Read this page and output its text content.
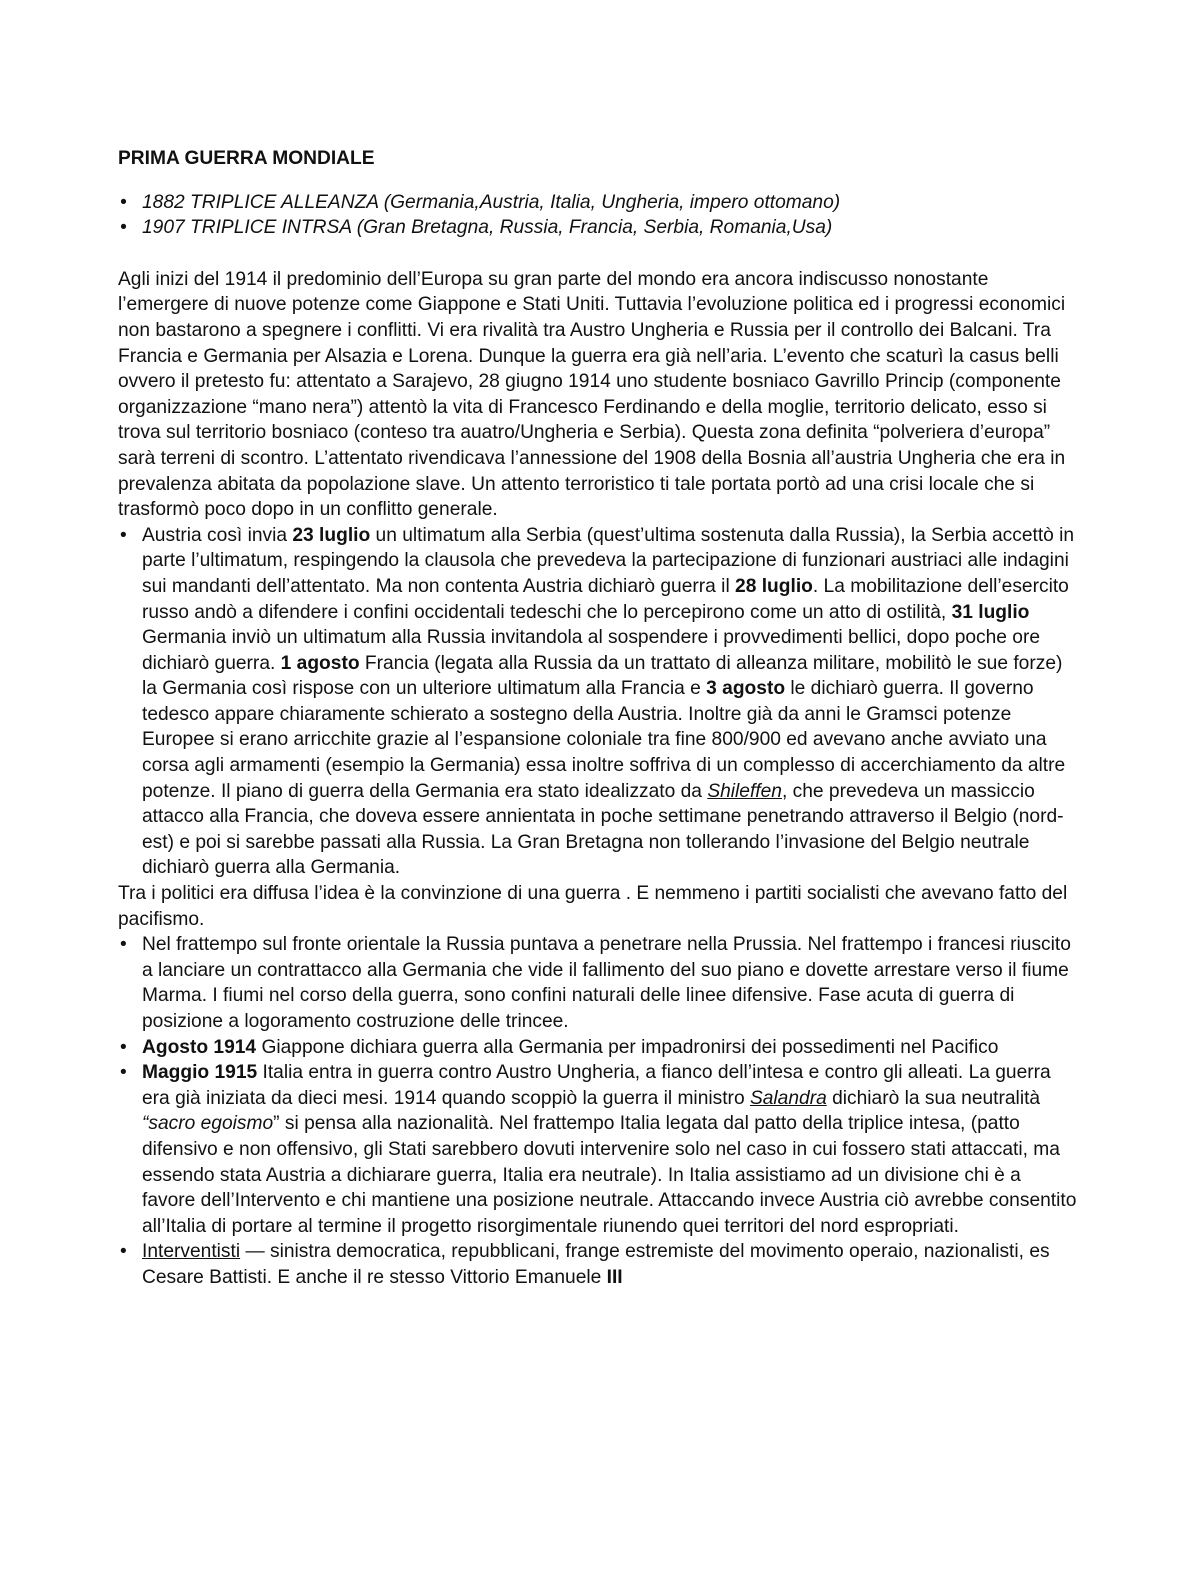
PRIMA GUERRA MONDIALE
• 1882 TRIPLICE ALLEANZA (Germania,Austria, Italia, Ungheria, impero ottomano)
• 1907 TRIPLICE INTRSA (Gran Bretagna, Russia, Francia, Serbia, Romania,Usa)

Agli inizi del 1914 il predominio dell’Europa su gran parte del mondo era ancora indiscusso nonostante l’emergere di nuove potenze come Giappone e Stati Uniti. Tuttavia l’evoluzione politica ed i progressi economici non bastarono a spegnere i conflitti. Vi era rivalità tra Austro Ungheria e Russia per il controllo dei Balcani. Tra Francia e Germania per Alsazia e Lorena. Dunque la guerra era già nell’aria. L’evento che scaturì la casus belli ovvero il pretesto fu: attentato a Sarajevo, 28 giugno 1914 uno studente bosniaco Gavrillo Princip (componente organizzazione “mano nera”) attentò la vita di Francesco Ferdinando e della moglie, territorio delicato, esso si trova sul territorio bosniaco (conteso tra auatro/Ungheria e Serbia). Questa zona definita “polveriera d’europa” sarà terreni di scontro. L’attentato rivendicava l’annessione del 1908 della Bosnia all’austria Ungheria che era in prevalenza abitata da popolazione slave. Un attento terroristico ti tale portata portò ad una crisi locale che si trasformò poco dopo in un conflitto generale.

• Austria così invia 23 luglio un ultimatum alla Serbia (quest’ultima sostenuta dalla Russia), la Serbia accettò in parte l’ultimatum, respingendo la clausola che prevedeva la partecipazione di funzionari austriaci alle indagini sui mandanti dell’attentato. Ma non contenta Austria dichiarò guerra il 28 luglio. La mobilitazione dell’esercito russo andò a difendere i confini occidentali tedeschi che lo percepirono come un atto di ostilità, 31 luglio Germania inviò un ultimatum alla Russia invitandola al sospendere i provvedimenti bellici, dopo poche ore dichiarò guerra. 1 agosto Francia (legata alla Russia da un trattato di alleanza militare, mobilitò le sue forze) la Germania così rispose con un ulteriore ultimatum alla Francia e 3 agosto le dichiarò guerra. Il governo tedesco appare chiaramente schierato a sostegno della Austria. Inoltre già da anni le Gramsci potenze Europee si erano arricchite grazie al l’espansione coloniale tra fine 800/900 ed avevano anche avviato una corsa agli armamenti (esempio la Germania) essa inoltre soffriva di un complesso di accerchiamento da altre potenze. Il piano di guerra della Germania era stato idealizzato da Shileffen, che prevedeva un massiccio attacco alla Francia, che doveva essere annientata in poche settimane penetrando attraverso il Belgio (nord-est) e poi si sarebbe passati alla Russia. La Gran Bretagna non tollerando l’invasione del Belgio neutrale dichiarò guerra alla Germania.

Tra i politici era diffusa l’idea è la convinzione di una guerra . E nemmeno i partiti socialisti che avevano fatto del pacifismo.

• Nel frattempo sul fronte orientale la Russia puntava a penetrare nella Prussia. Nel frattempo i francesi riuscito a lanciare un contrattacco alla Germania che vide il fallimento del suo piano e dovette arrestare verso il fiume Marma. I fiumi nel corso della guerra, sono confini naturali delle linee difensive. Fase acuta di guerra di posizione a logoramento costruzione delle trincee.
• Agosto 1914 Giappone dichiara guerra alla Germania per impadronirsi dei possedimenti nel Pacifico
• Maggio 1915 Italia entra in guerra contro Austro Ungheria, a fianco dell’intesa e contro gli alleati. La guerra era già iniziata da dieci mesi. 1914 quando scoppiò la guerra il ministro Salandra dichiarò la sua neutralità “sacro egoismo” si pensa alla nazionalità. Nel frattempo Italia legata dal patto della triplice intesa, (patto difensivo e non offensivo, gli Stati sarebbero dovuti intervenire solo nel caso in cui fossero stati attaccati, ma essendo stata Austria a dichiarare guerra, Italia era neutrale). In Italia assistiamo ad un divisione chi è a favore dell’Intervento e chi mantiene una posizione neutrale. Attaccando invece Austria ciò avrebbe consentito all’Italia di portare al termine il progetto risorgimentale riunendo quei territori del nord espropriati.
• Interventisti — sinistra democratica, repubblicani, frange estremiste del movimento operaio, nazionalisti, es Cesare Battisti. E anche il re stesso Vittorio Emanuele III
